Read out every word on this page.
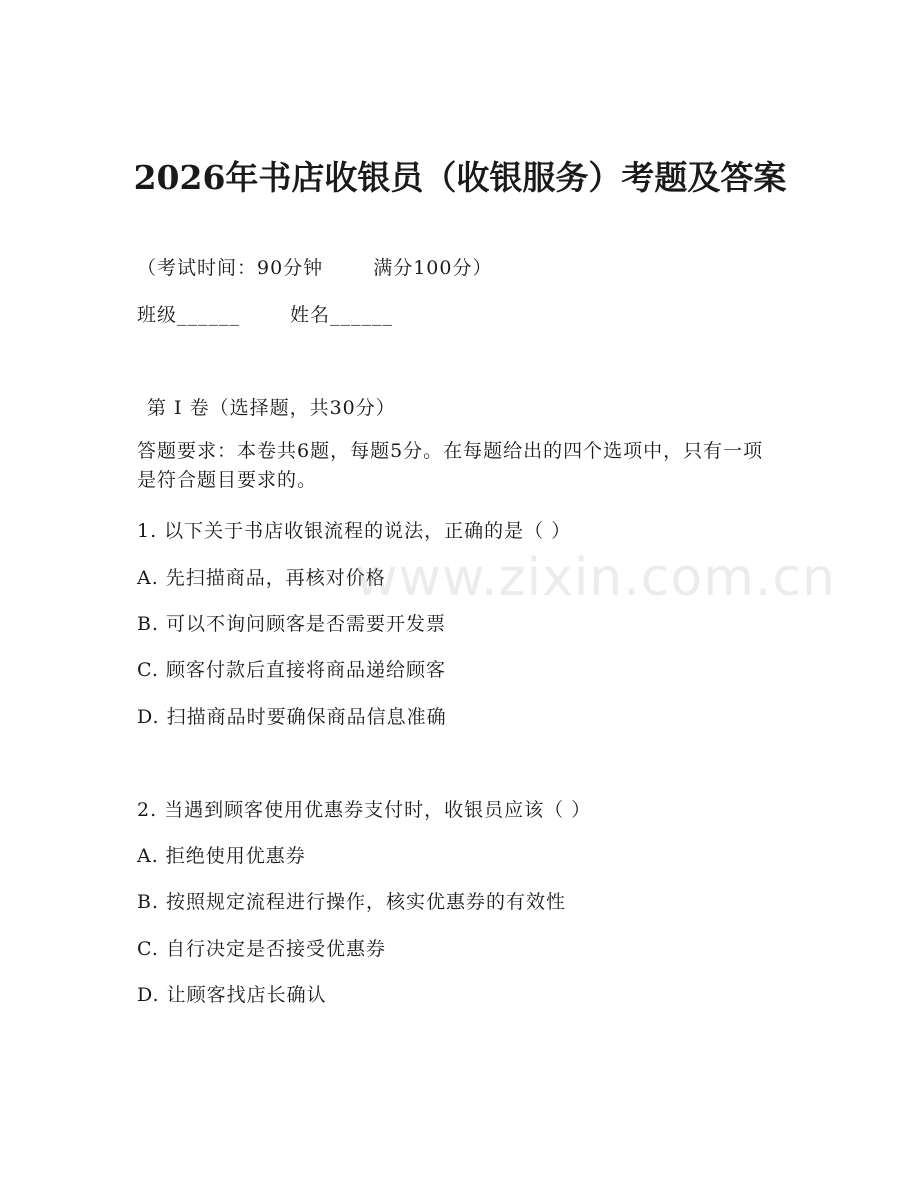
2026年书店收银员（收银服务）考题及答案
（考试时间：90分钟	满分100分）
班级______	姓名______
第 I 卷（选择题，共30分）
答题要求：本卷共6题，每题5分。在每题给出的四个选项中，只有一项是符合题目要求的。
1. 以下关于书店收银流程的说法，正确的是（ ）
A. 先扫描商品，再核对价格
B. 可以不询问顾客是否需要开发票
C. 顾客付款后直接将商品递给顾客
D. 扫描商品时要确保商品信息准确
2. 当遇到顾客使用优惠券支付时，收银员应该（ ）
A. 拒绝使用优惠券
B. 按照规定流程进行操作，核实优惠券的有效性
C. 自行决定是否接受优惠券
D. 让顾客找店长确认
www.zixin.com.cn
